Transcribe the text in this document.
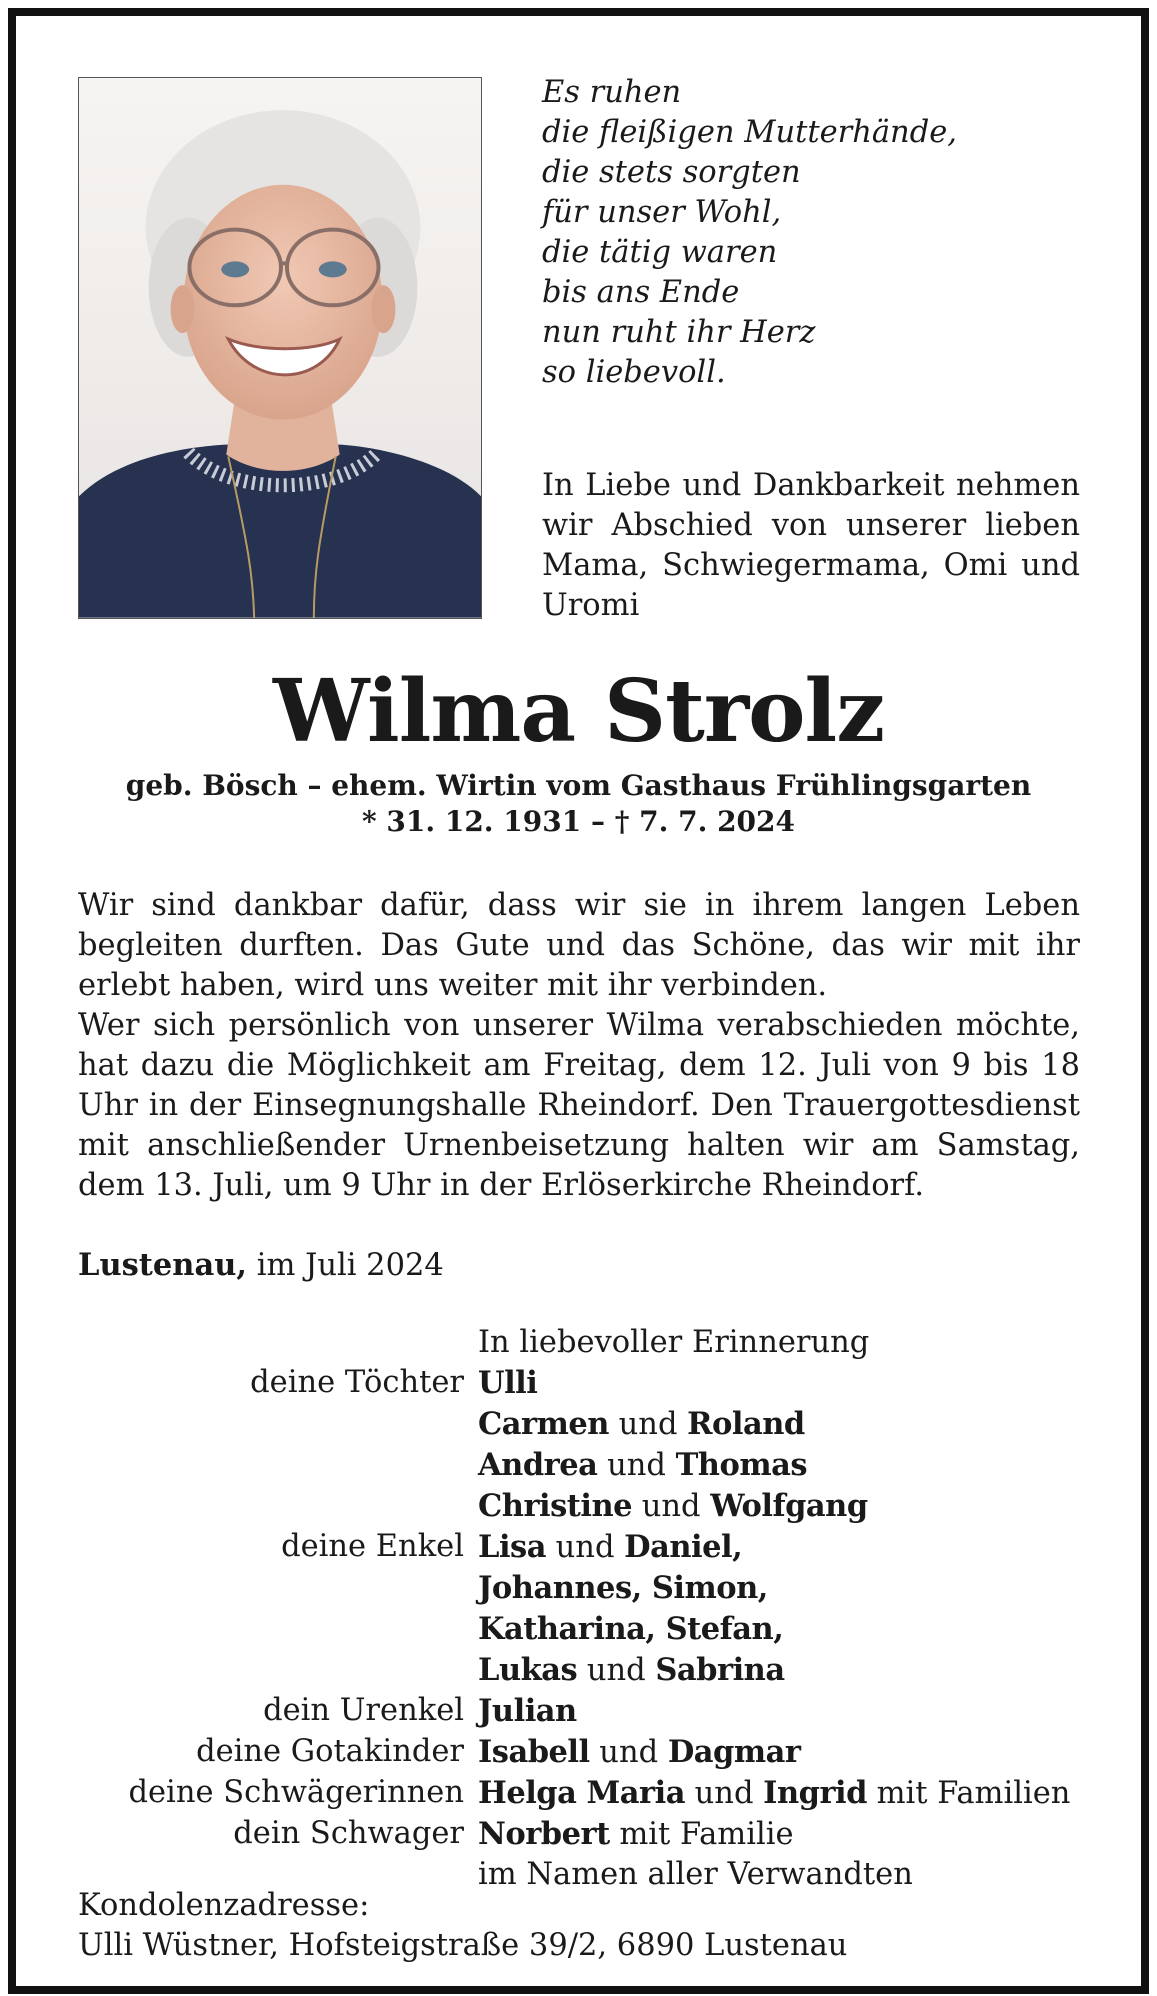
Es ruhen
die fleißigen Mutterhände,
die stets sorgten
für unser Wohl,
die tätig waren
bis ans Ende
nun ruht ihr Herz
so liebevoll.
In Liebe und Dankbarkeit nehmen wir Abschied von unserer lieben Mama, Schwiegermama, Omi und Uromi
Wilma Strolz
geb. Bösch – ehem. Wirtin vom Gasthaus Frühlingsgarten
* 31. 12. 1931 – † 7. 7. 2024

Wir sind dankbar dafür, dass wir sie in ihrem langen Leben begleiten durften. Das Gute und das Schöne, das wir mit ihr erlebt haben, wird uns weiter mit ihr verbinden.

Wer sich persönlich von unserer Wilma verabschieden möchte, hat dazu die Möglichkeit am Freitag, dem 12. Juli von 9 bis 18 Uhr in der Einsegnungshalle Rheindorf. Den Trauergottesdienst mit anschließender Urnenbeisetzung halten wir am Samstag, dem 13. Juli, um 9 Uhr in der Erlöserkirche Rheindorf.

Lustenau, im Juli 2024
In liebevoller Erinnerung
deine Töchter Ulli
Carmen und Roland
Andrea und Thomas
Christine und Wolfgang
deine Enkel Lisa und Daniel,
Johannes, Simon,
Katharina, Stefan,
Lukas und Sabrina
dein Urenkel Julian
deine Gotakinder Isabell und Dagmar
deine Schwägerinnen Helga Maria und Ingrid mit Familien
dein Schwager Norbert mit Familie
im Namen aller Verwandten
Kondolenzadresse:
Ulli Wüstner, Hofsteigstraße 39/2, 6890 Lustenau
